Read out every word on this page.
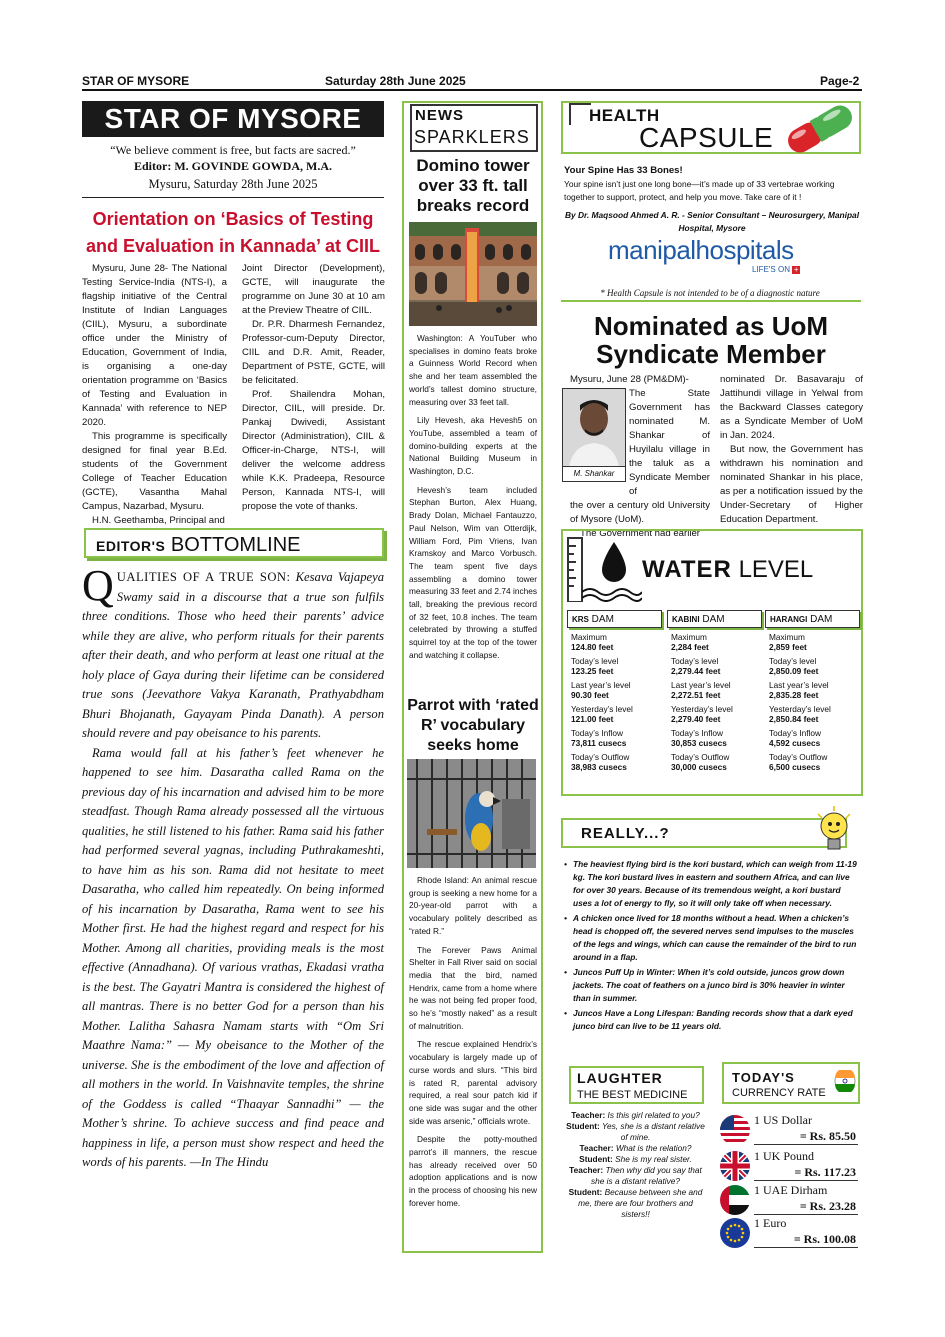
STAR OF MYSORE	Saturday 28th June 2025	Page-2
STAR OF MYSORE
“We believe comment is free, but facts are sacred.”
Editor: M. GOVINDE GOWDA, M.A.
Mysuru, Saturday 28th June 2025
Orientation on ‘Basics of Testing and Evaluation in Kannada’ at CIIL

Mysuru, June 28- The National Testing Service-India (NTS-I), a flagship initiative of the Central Institute of Indian Languages (CIIL), Mysuru, a subordinate office under the Ministry of Education, Government of India, is organising a one-day orientation programme on ‘Basics of Testing and Evaluation in Kannada’ with reference to NEP 2020.

This programme is specifically designed for final year B.Ed. students of the Government College of Teacher Education (GCTE), Vasantha Mahal Campus, Nazarbad, Mysuru.

H.N. Geethamba, Principal and

Joint Director (Development), GCTE, will inaugurate the programme on June 30 at 10 am at the Preview Theatre of CIIL.

Dr. P.R. Dharmesh Fernandez, Professor-cum-Deputy Director, CIIL and D.R. Amit, Reader, Department of PSTE, GCTE, will be felicitated.

Prof. Shailendra Mohan, Director, CIIL, will preside. Dr. Pankaj Dwivedi, Assistant Director (Administration), CIIL & Officer-in-Charge, NTS-I, will deliver the welcome address while K.K. Pradeepa, Resource Person, Kannada NTS-I, will propose the vote of thanks.

EDITOR'S BOTTOMLINE

QUALITIES OF A TRUE SON: Kesava Vajapeya Swamy said in a discourse that a true son fulfils three conditions. Those who heed their parents’ advice while they are alive, who perform rituals for their parents after their death, and who perform at least one ritual at the holy place of Gaya during their lifetime can be considered true sons (Jeevathore Vakya Karanath, Prathyabdham Bhuri Bhojanath, Gayayam Pinda Danath). A person should revere and pay obeisance to his parents.

Rama would fall at his father’s feet whenever he happened to see him. Dasaratha called Rama on the previous day of his incarnation and advised him to be more steadfast. Though Rama already possessed all the virtuous qualities, he still listened to his father. Rama said his father had performed several yagnas, including Puthrakameshti, to have him as his son. Rama did not hesitate to meet Dasaratha, who called him repeatedly. On being informed of his incarnation by Dasaratha, Rama went to see his Mother first. He had the highest regard and respect for his Mother. Among all charities, providing meals is the most effective (Annadhana). Of various vrathas, Ekadasi vratha is the best. The Gayatri Mantra is considered the highest of all mantras. There is no better God for a person than his Mother. Lalitha Sahasra Namam starts with “Om Sri Maathre Nama:” — My obeisance to the Mother of the universe. She is the embodiment of the love and affection of all mothers in the world. In Vaishnavite temples, the shrine of the Goddess is called “Thaayar Sannadhi” — the Mother’s shrine. To achieve success and find peace and happiness in life, a person must show respect and heed the words of his parents. —In The Hindu

NEWS
SPARKLERS
Domino tower over 33 ft. tall breaks record

Washington: A YouTuber who specialises in domino feats broke a Guinness World Record when she and her team assembled the world’s tallest domino structure, measuring over 33 feet tall.

Lily Hevesh, aka Hevesh5 on YouTube, assembled a team of domino-building experts at the National Building Museum in Washington, D.C.

Hevesh’s team included Stephan Burton, Alex Huang, Brady Dolan, Michael Fantauzzo, Paul Nelson, Wim van Otterdijk, William Ford, Pim Vriens, Ivan Kramskoy and Marco Vorbusch. The team spent five days assembling a domino tower measuring 33 feet and 2.74 inches tall, breaking the previous record of 32 feet, 10.8 inches. The team celebrated by throwing a stuffed squirrel toy at the top of the tower and watching it collapse.

Parrot with ‘rated R’ vocabulary seeks home

Rhode Island: An animal rescue group is seeking a new home for a 20-year-old parrot with a vocabulary politely described as “rated R.”

The Forever Paws Animal Shelter in Fall River said on social media that the bird, named Hendrix, came from a home where he was not being fed proper food, so he’s “mostly naked” as a result of malnutrition.

The rescue explained Hendrix’s vocabulary is largely made up of curse words and slurs. “This bird is rated R, parental advisory required, a real sour patch kid if one side was sugar and the other side was arsenic,” officials wrote.

Despite the potty-mouthed parrot’s ill manners, the rescue has already received over 50 adoption applications and is now in the process of choosing his new forever home.

HEALTH
CAPSULE
Your Spine Has 33 Bones!
Your spine isn’t just one long bone—it’s made up of 33 vertebrae working together to support, protect, and help you move. Take care of it !
By Dr. Maqsood Ahmed A. R. - Senior Consultant – Neurosurgery, Manipal Hospital, Mysore
manipalhospitals
LIFE'S ON +
* Health Capsule is not intended to be of a diagnostic nature
Nominated as UoM Syndicate Member
Mysuru, June 28 (PM&DM)-
M. Shankar
The State Government has nominated M. Shankar of Huyilalu village in the taluk as a Syndicate Member of
the over a century old University of Mysore (UoM).

The Government had earlier

nominated Dr. Basavaraju of Jattihundi village in Yelwal from the Backward Classes category as a Syndicate Member of UoM in Jan. 2024.

But now, the Government has withdrawn his nomination and nominated Shankar in his place, as per a notification issued by the Under-Secretary of Higher Education Department.

WATER LEVEL
KRS DAM
Maximum
124.80 feet
Today’s level
123.25 feet
Last year’s level
90.30 feet
Yesterday’s level
121.00 feet
Today’s Inflow
73,811 cusecs
Today’s Outflow
38,983 cusecs
KABINI DAM
Maximum
2,284 feet
Today’s level
2,279.44 feet
Last year’s level
2,272.51 feet
Yesterday’s level
2,279.40 feet
Today’s Inflow
30,853 cusecs
Today’s Outflow
30,000 cusecs
HARANGI DAM
Maximum
2,859 feet
Today’s level
2,850.09 feet
Last year’s level
2,835.28 feet
Yesterday’s level
2,850.84 feet
Today’s Inflow
4,592 cusecs
Today’s Outflow
6,500 cusecs
REALLY...?
• The heaviest flying bird is the kori bustard, which can weigh from 11-19 kg. The kori bustard lives in eastern and southern Africa, and can live for over 30 years. Because of its tremendous weight, a kori bustard uses a lot of energy to fly, so it will only take off when necessary.
• A chicken once lived for 18 months without a head. When a chicken’s head is chopped off, the severed nerves send impulses to the muscles of the legs and wings, which can cause the remainder of the bird to run around in a flap.
• Juncos Puff Up in Winter: When it’s cold outside, juncos grow down jackets. The coat of feathers on a junco bird is 30% heavier in winter than in summer.
• Juncos Have a Long Lifespan: Banding records show that a dark eyed junco bird can live to be 11 years old.
LAUGHTER
THE BEST MEDICINE
Teacher: Is this girl related to you?
Student: Yes, she is a distant relative of mine.
Teacher: What is the relation?
Student: She is my real sister.
Teacher: Then why did you say that she is a distant relative?
Student: Because between she and me, there are four brothers and sisters!!
TODAY'S
CURRENCY RATE
1 US Dollar
= Rs. 85.50
1 UK Pound
= Rs. 117.23
1 UAE Dirham
= Rs. 23.28
1 Euro
= Rs. 100.08
